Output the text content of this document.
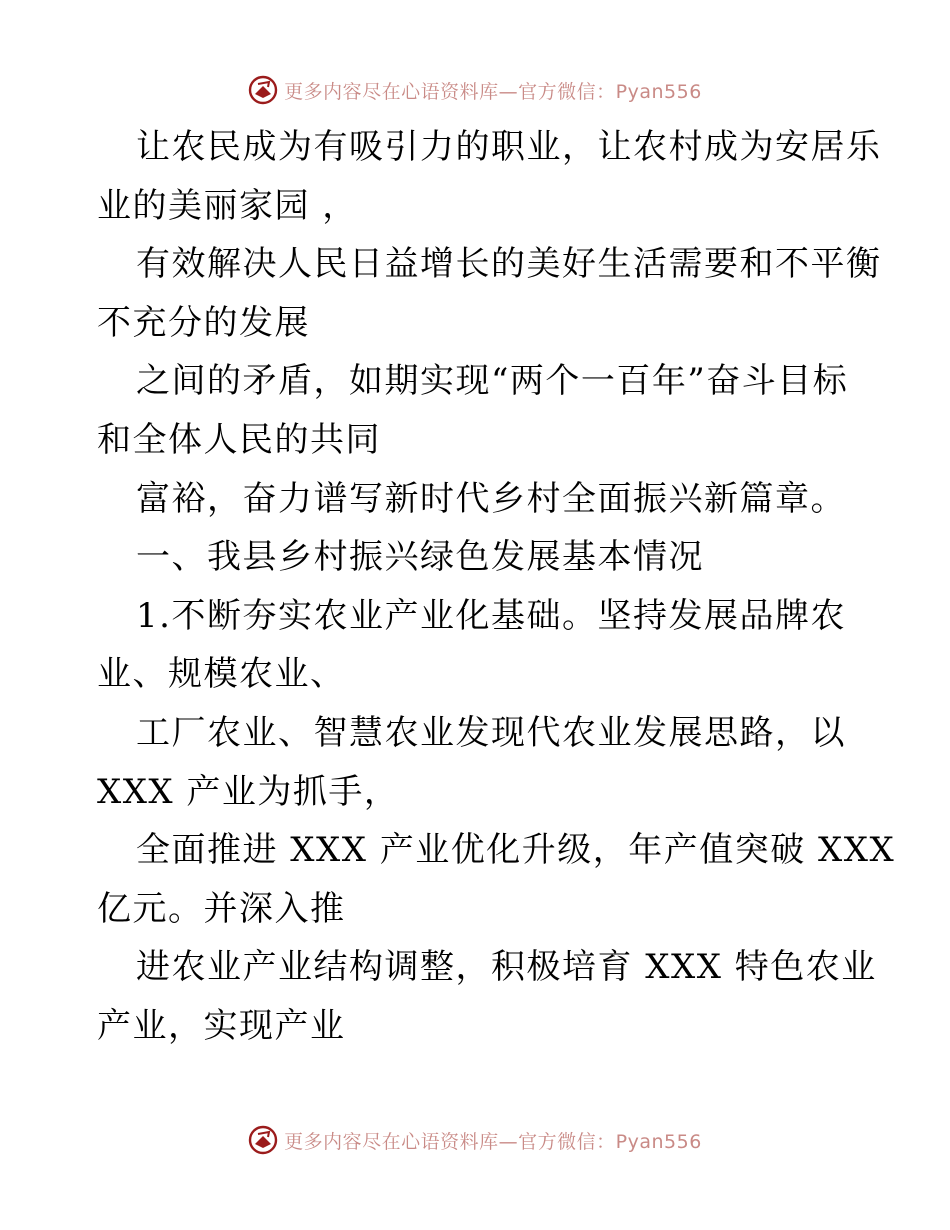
更多内容尽在心语资料库—官方微信：Pyan556
让农民成为有吸引力的职业，让农村成为安居乐
业的美丽家园 ，
有效解决人民日益增长的美好生活需要和不平衡
不充分的发展
之间的矛盾，如期实现“两个一百年”奋斗目标
和全体人民的共同
富裕，奋力谱写新时代乡村全面振兴新篇章。
一、我县乡村振兴绿色发展基本情况
1.不断夯实农业产业化基础。坚持发展品牌农
业、规模农业、
工厂农业、智慧农业发现代农业发展思路，以
XXX 产业为抓手，
全面推进 XXX 产业优化升级，年产值突破 XXX
亿元。并深入推
进农业产业结构调整，积极培育 XXX 特色农业
产业，实现产业
更多内容尽在心语资料库—官方微信：Pyan556
